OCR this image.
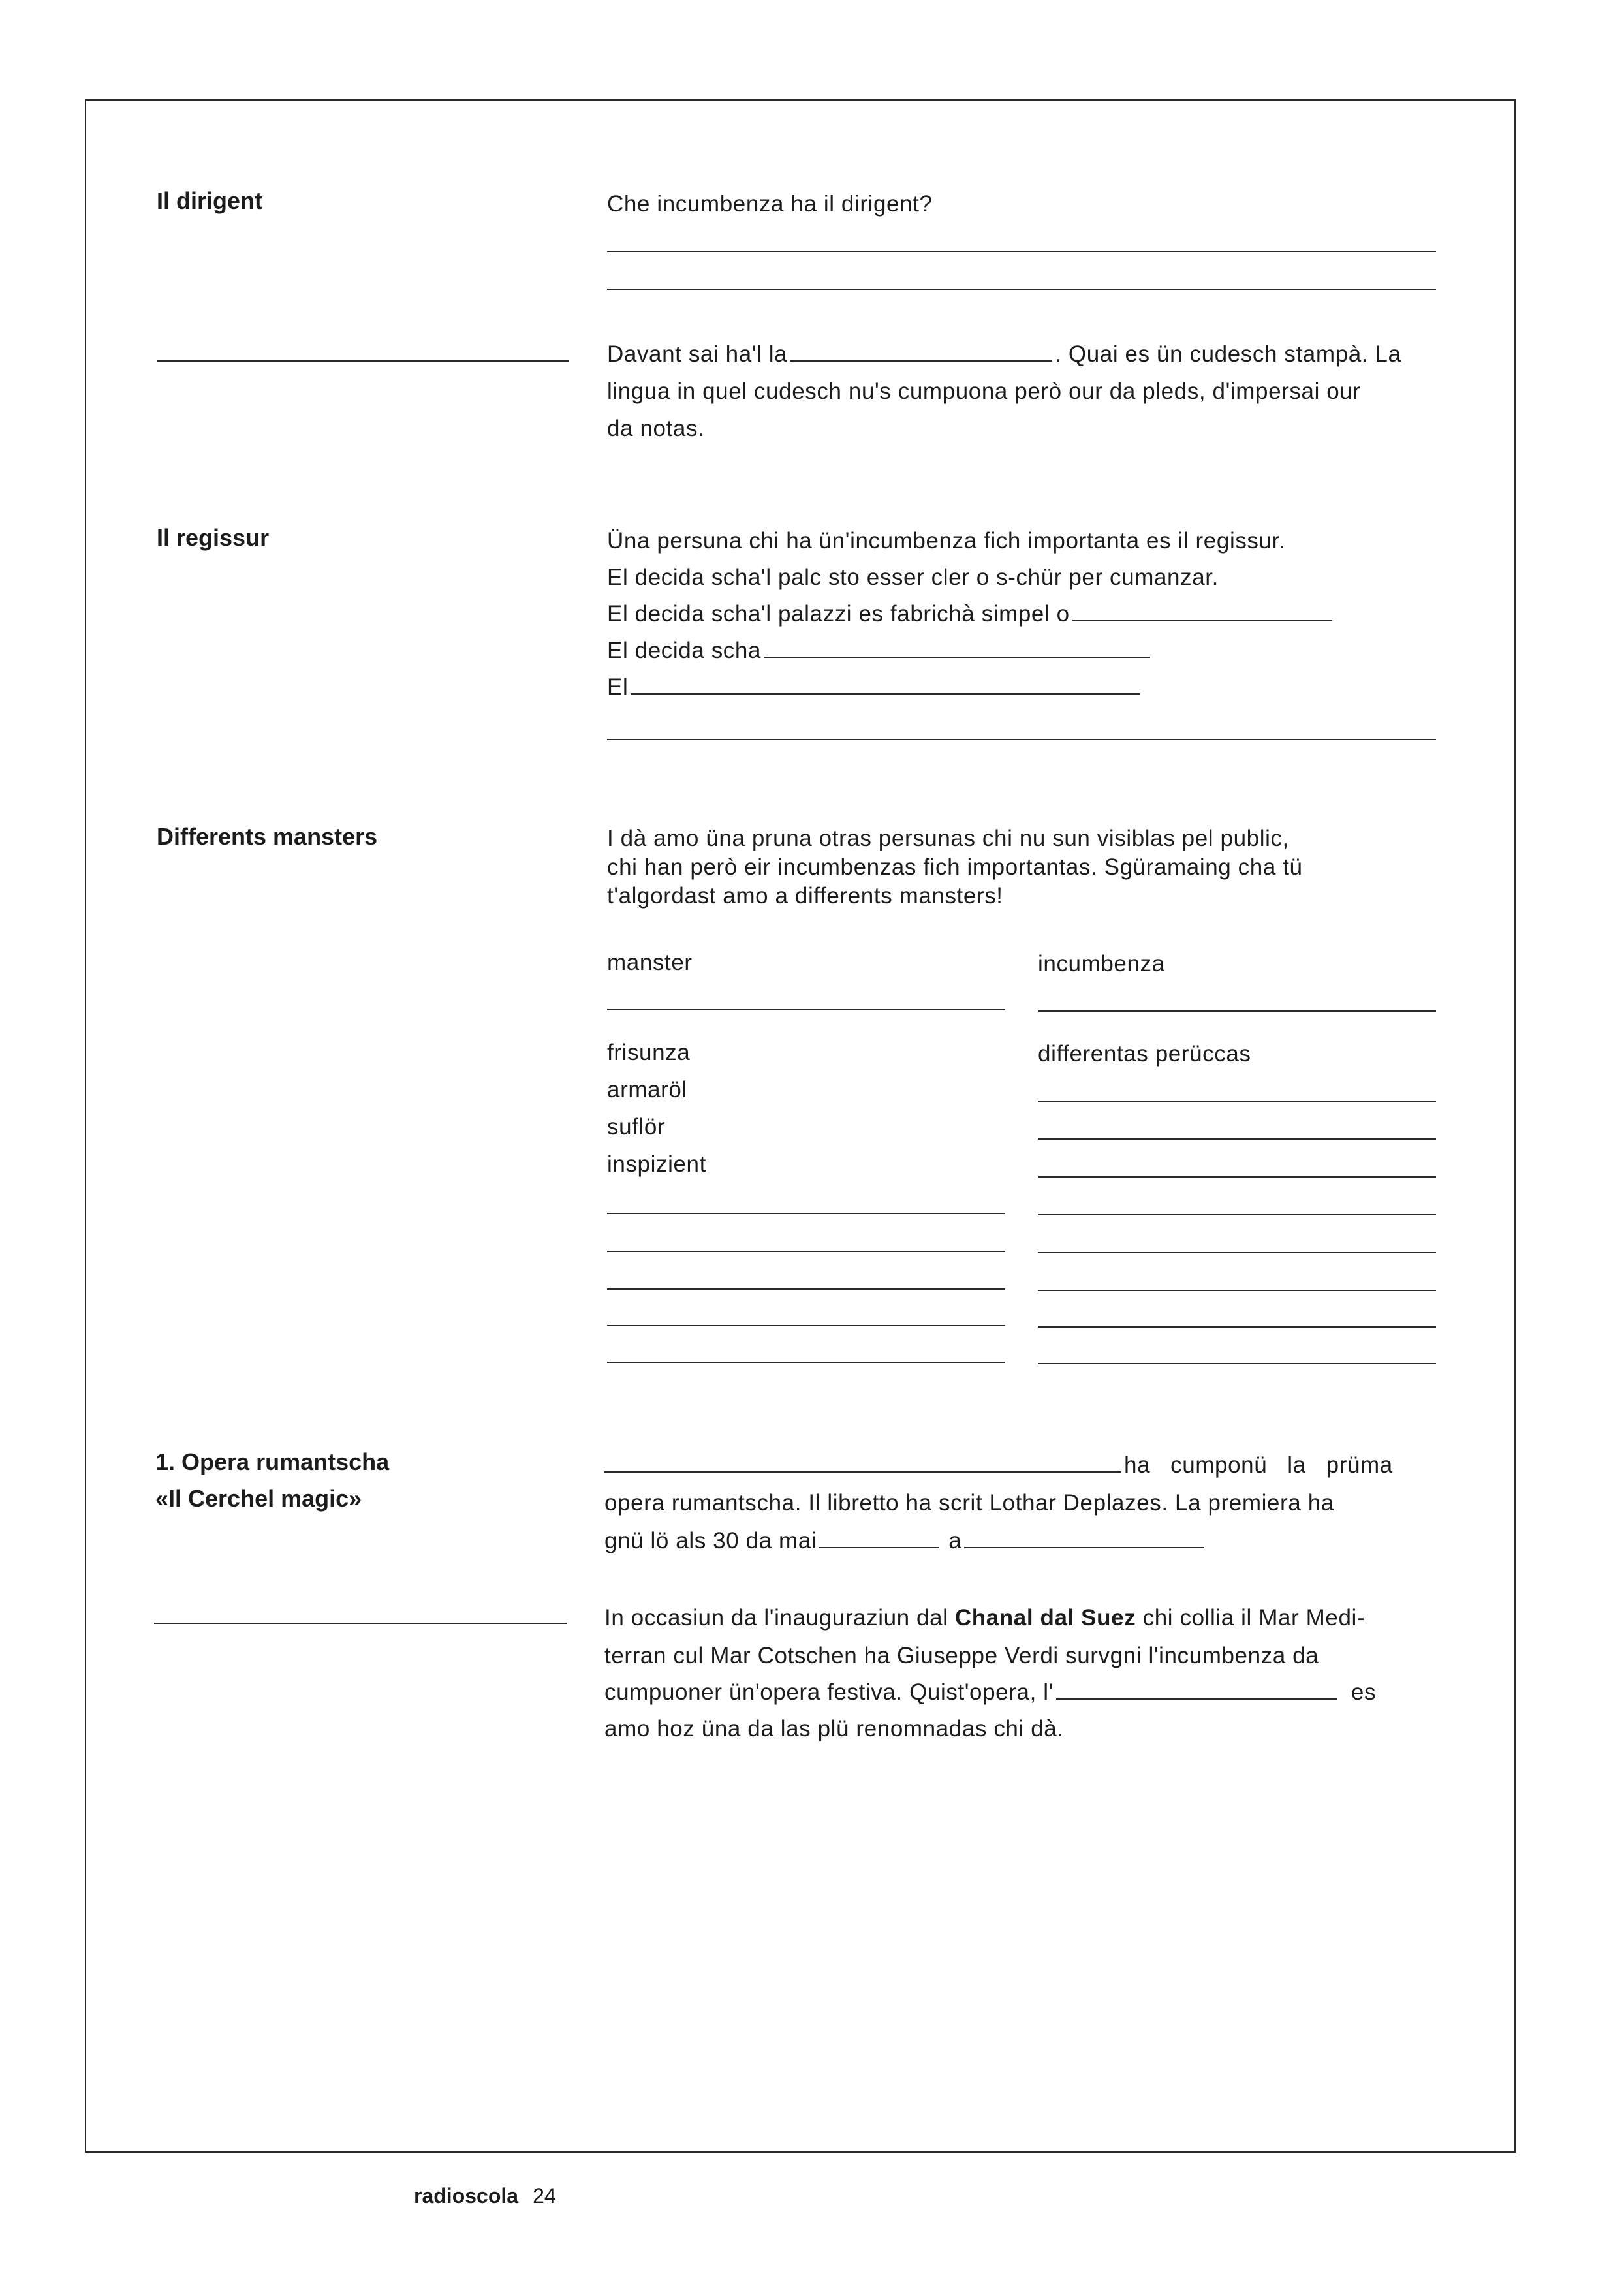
Il dirigent	Che incumbenza ha il dirigent?
Davant sai ha'l la	. Quai es ün cudesch stampà. La
lingua in quel cudesch nu's cumpuona però our da pleds, d'impersai our
da notas.
Il regissur	Üna persuna chi ha ün'incumbenza fich importanta es il regissur.
El decida scha'l palc sto esser cler o s-chür per cumanzar.
El decida scha'l palazzi es fabrichà simpel o
El decida scha
El
Differents mansters	I dà amo üna pruna otras persunas chi nu sun visiblas pel public,
chi han però eir incumbenzas fich importantas. Sgüramaing cha tü
t'algordast amo a differents mansters!
manster	incumbenza
frisunza	differentas perüccas
armaröl
suflör
inspizient
1. Opera rumantscha
«Il Cerchel magic»
ha   cumponü   la   prüma
opera rumantscha. Il libretto ha scrit Lothar Deplazes. La premiera ha
gnü lö als 30 da mai	a
In occasiun da l'inauguraziun dal Chanal dal Suez chi collia il Mar Medi-
terran cul Mar Cotschen ha Giuseppe Verdi survgni l'incumbenza da
cumpuoner ün'opera festiva. Quist'opera, l'	es
amo hoz üna da las plü renomnadas chi dà.
radioscola 24
